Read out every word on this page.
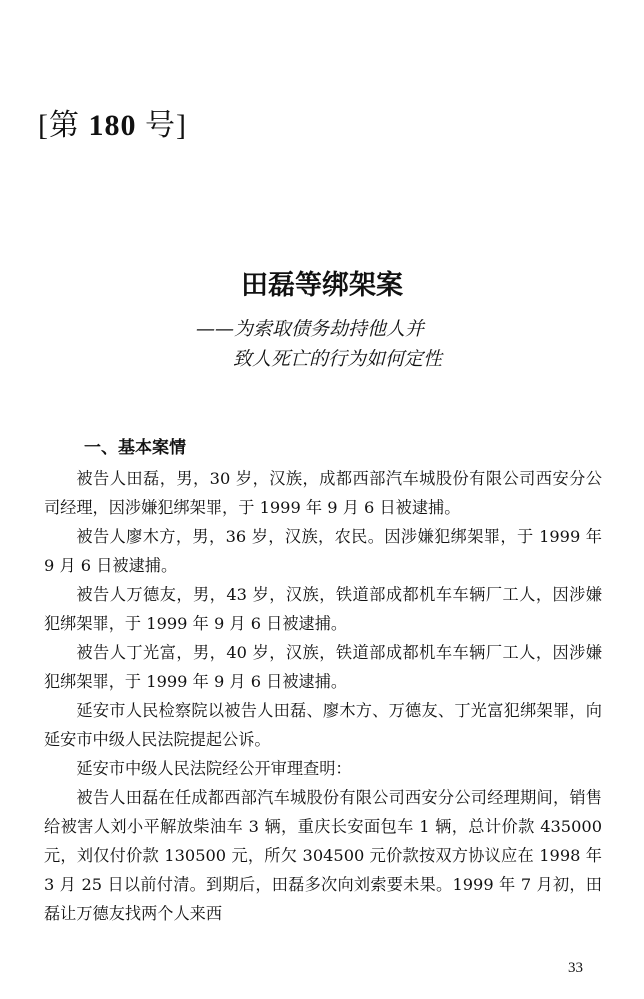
[第 180 号]
田磊等绑架案
——为索取债务劫持他人并
致人死亡的行为如何定性
一、基本案情

被告人田磊，男，30 岁，汉族，成都西部汽车城股份有限公司西安分公司经理，因涉嫌犯绑架罪，于 1999 年 9 月 6 日被逮捕。

被告人廖木方，男，36 岁，汉族，农民。因涉嫌犯绑架罪，于 1999 年 9 月 6 日被逮捕。

被告人万德友，男，43 岁，汉族，铁道部成都机车车辆厂工人，因涉嫌犯绑架罪，于 1999 年 9 月 6 日被逮捕。

被告人丁光富，男，40 岁，汉族，铁道部成都机车车辆厂工人，因涉嫌犯绑架罪，于 1999 年 9 月 6 日被逮捕。

延安市人民检察院以被告人田磊、廖木方、万德友、丁光富犯绑架罪，向延安市中级人民法院提起公诉。

延安市中级人民法院经公开审理查明：

被告人田磊在任成都西部汽车城股份有限公司西安分公司经理期间，销售给被害人刘小平解放柴油车 3 辆，重庆长安面包车 1 辆，总计价款 435000 元，刘仅付价款 130500 元，所欠 304500 元价款按双方协议应在 1998 年 3 月 25 日以前付清。到期后，田磊多次向刘索要未果。1999 年 7 月初，田磊让万德友找两个人来西

33
